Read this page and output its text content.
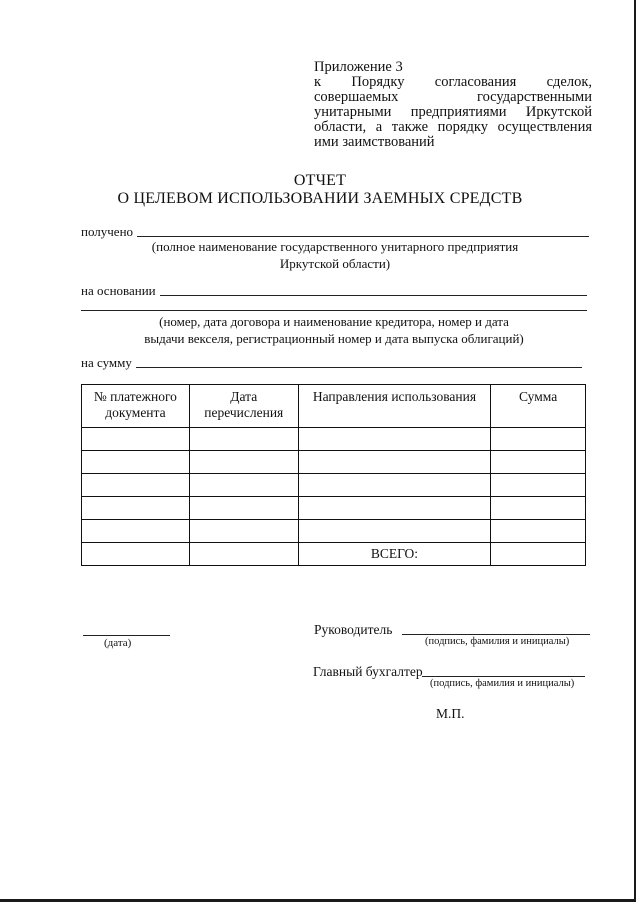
Приложение 3
к Порядку согласования сделок, совершаемых государственными унитарными предприятиями Иркутской области, а также порядку осуществления ими заимствований
ОТЧЕТ
О ЦЕЛЕВОМ ИСПОЛЬЗОВАНИИ ЗАЕМНЫХ СРЕДСТВ
получено
(полное наименование государственного унитарного предприятия
Иркутской области)
на основании
(номер, дата договора и наименование кредитора, номер и дата
выдачи векселя, регистрационный номер и дата выпуска облигаций)
на сумму
№ платежного документа	Дата перечисления	Направления использования	Сумма

		ВСЕГО:	
(дата)
Руководитель
(подпись, фамилия и инициалы)
Главный бухгалтер
(подпись, фамилия и инициалы)
М.П.
